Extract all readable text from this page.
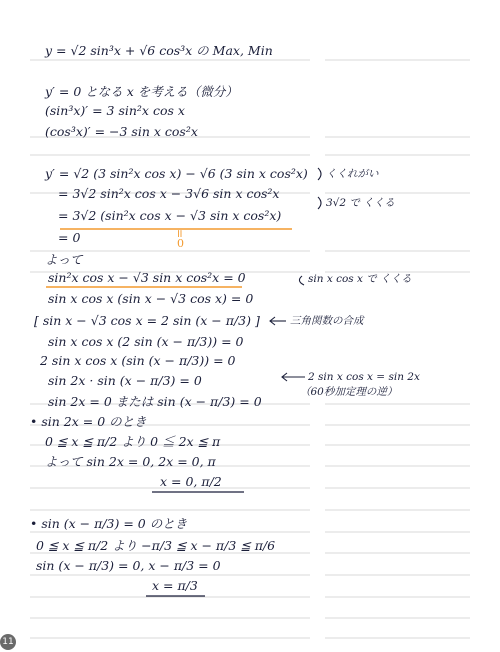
y = √2 sin³x + √6 cos³x の Max, Min
y′ = 0 となる x を考える（微分）
(sin³x)′ = 3 sin²x cos x
(cos³x)′ = −3 sin x cos²x
y′ = √2 (3 sin²x cos x) − √6 (3 sin x cos²x)
= 3√2 sin²x cos x − 3√6 sin x cos²x
= 3√2 (sin²x cos x − √3 sin x cos²x)
= 0
よって
sin²x cos x − √3 sin x cos²x = 0
sin x cos x (sin x − √3 cos x) = 0
[ sin x − √3 cos x = 2 sin (x − π/3) ]
sin x cos x (2 sin (x − π/3)) = 0
2 sin x cos x (sin (x − π/3)) = 0
sin 2x · sin (x − π/3) = 0
sin 2x = 0 または sin (x − π/3) = 0
• sin 2x = 0 のとき
0 ≦ x ≦ π/2 より 0 ≦ 2x ≦ π
よって sin 2x = 0, 2x = 0, π
x = 0, π/2
• sin (x − π/3) = 0 のとき
0 ≦ x ≦ π/2 より −π/3 ≦ x − π/3 ≦ π/6
sin (x − π/3) = 0, x − π/3 = 0
x = π/3
॥
0
くくれがい
3√2 で くくる
sin x cos x で くくる
三角関数の合成
2 sin x cos x = sin 2x
（60秒加定理の逆）
11
